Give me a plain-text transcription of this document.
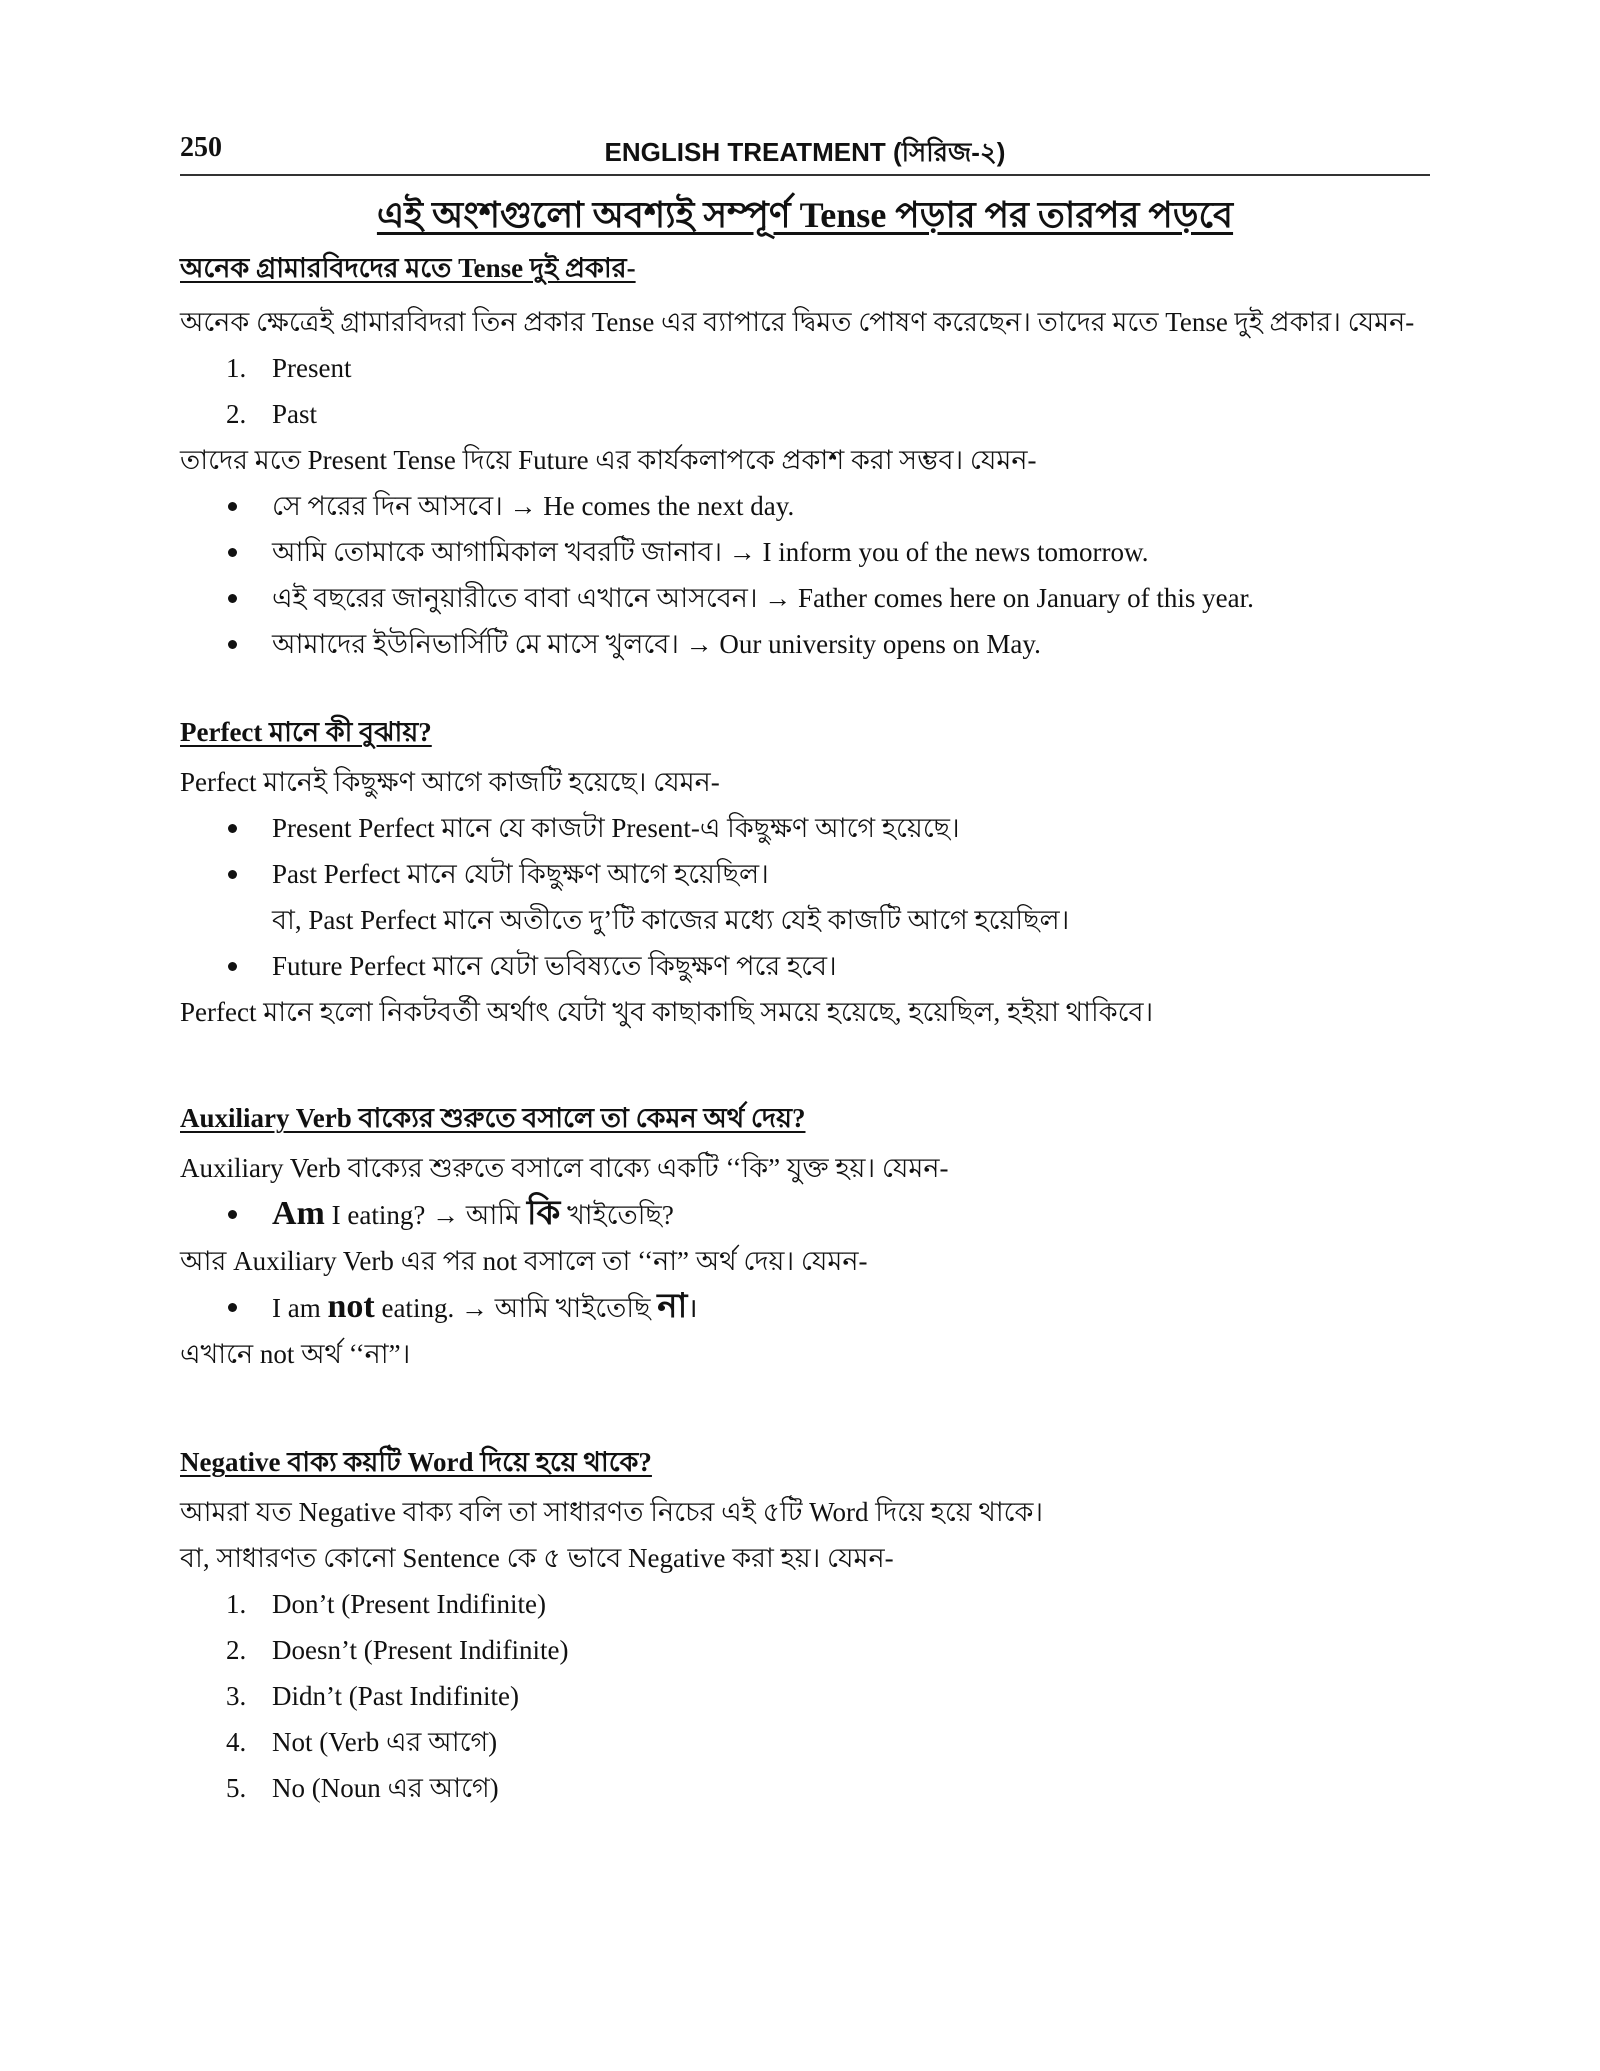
250	ENGLISH TREATMENT (সিরিজ-২)
এই অংশগুলো অবশ্যই সম্পূর্ণ Tense পড়ার পর তারপর পড়বে
অনেক গ্রামারবিদদের মতে Tense দুই প্রকার-
অনেক ক্ষেত্রেই গ্রামারবিদরা তিন প্রকার Tense এর ব্যাপারে দ্বিমত পোষণ করেছেন। তাদের মতে Tense দুই প্রকার। যেমন-
1. Present
2. Past
তাদের মতে Present Tense দিয়ে Future এর কার্যকলাপকে প্রকাশ করা সম্ভব। যেমন-
সে পরের দিন আসবে। → He comes the next day.
আমি তোমাকে আগামিকাল খবরটি জানাব। → I inform you of the news tomorrow.
এই বছরের জানুয়ারীতে বাবা এখানে আসবেন। → Father comes here on January of this year.
আমাদের ইউনিভার্সিটি মে মাসে খুলবে। → Our university opens on May.
Perfect মানে কী বুঝায়?
Perfect মানেই কিছুক্ষণ আগে কাজটি হয়েছে। যেমন-
Present Perfect মানে যে কাজটা Present-এ কিছুক্ষণ আগে হয়েছে।
Past Perfect মানে যেটা কিছুক্ষণ আগে হয়েছিল।
বা, Past Perfect মানে অতীতে দু’টি কাজের মধ্যে যেই কাজটি আগে হয়েছিল।
Future Perfect মানে যেটা ভবিষ্যতে কিছুক্ষণ পরে হবে।
Perfect মানে হলো নিকটবর্তী অর্থাৎ যেটা খুব কাছাকাছি সময়ে হয়েছে, হয়েছিল, হইয়া থাকিবে।
Auxiliary Verb বাক্যের শুরুতে বসালে তা কেমন অর্থ দেয়?
Auxiliary Verb বাক্যের শুরুতে বসালে বাক্যে একটি ‘‘কি” যুক্ত হয়। যেমন-
Am I eating? → আমি কি খাইতেছি?
আর Auxiliary Verb এর পর not বসালে তা ‘‘না” অর্থ দেয়। যেমন-
I am not eating. → আমি খাইতেছি না।
এখানে not অর্থ ‘‘না”।
Negative বাক্য কয়টি Word দিয়ে হয়ে থাকে?
আমরা যত Negative বাক্য বলি তা সাধারণত নিচের এই ৫টি Word দিয়ে হয়ে থাকে।
বা, সাধারণত কোনো Sentence কে ৫ ভাবে Negative করা হয়। যেমন-
1. Don’t (Present Indifinite)
2. Doesn’t (Present Indifinite)
3. Didn’t (Past Indifinite)
4. Not (Verb এর আগে)
5. No (Noun এর আগে)
